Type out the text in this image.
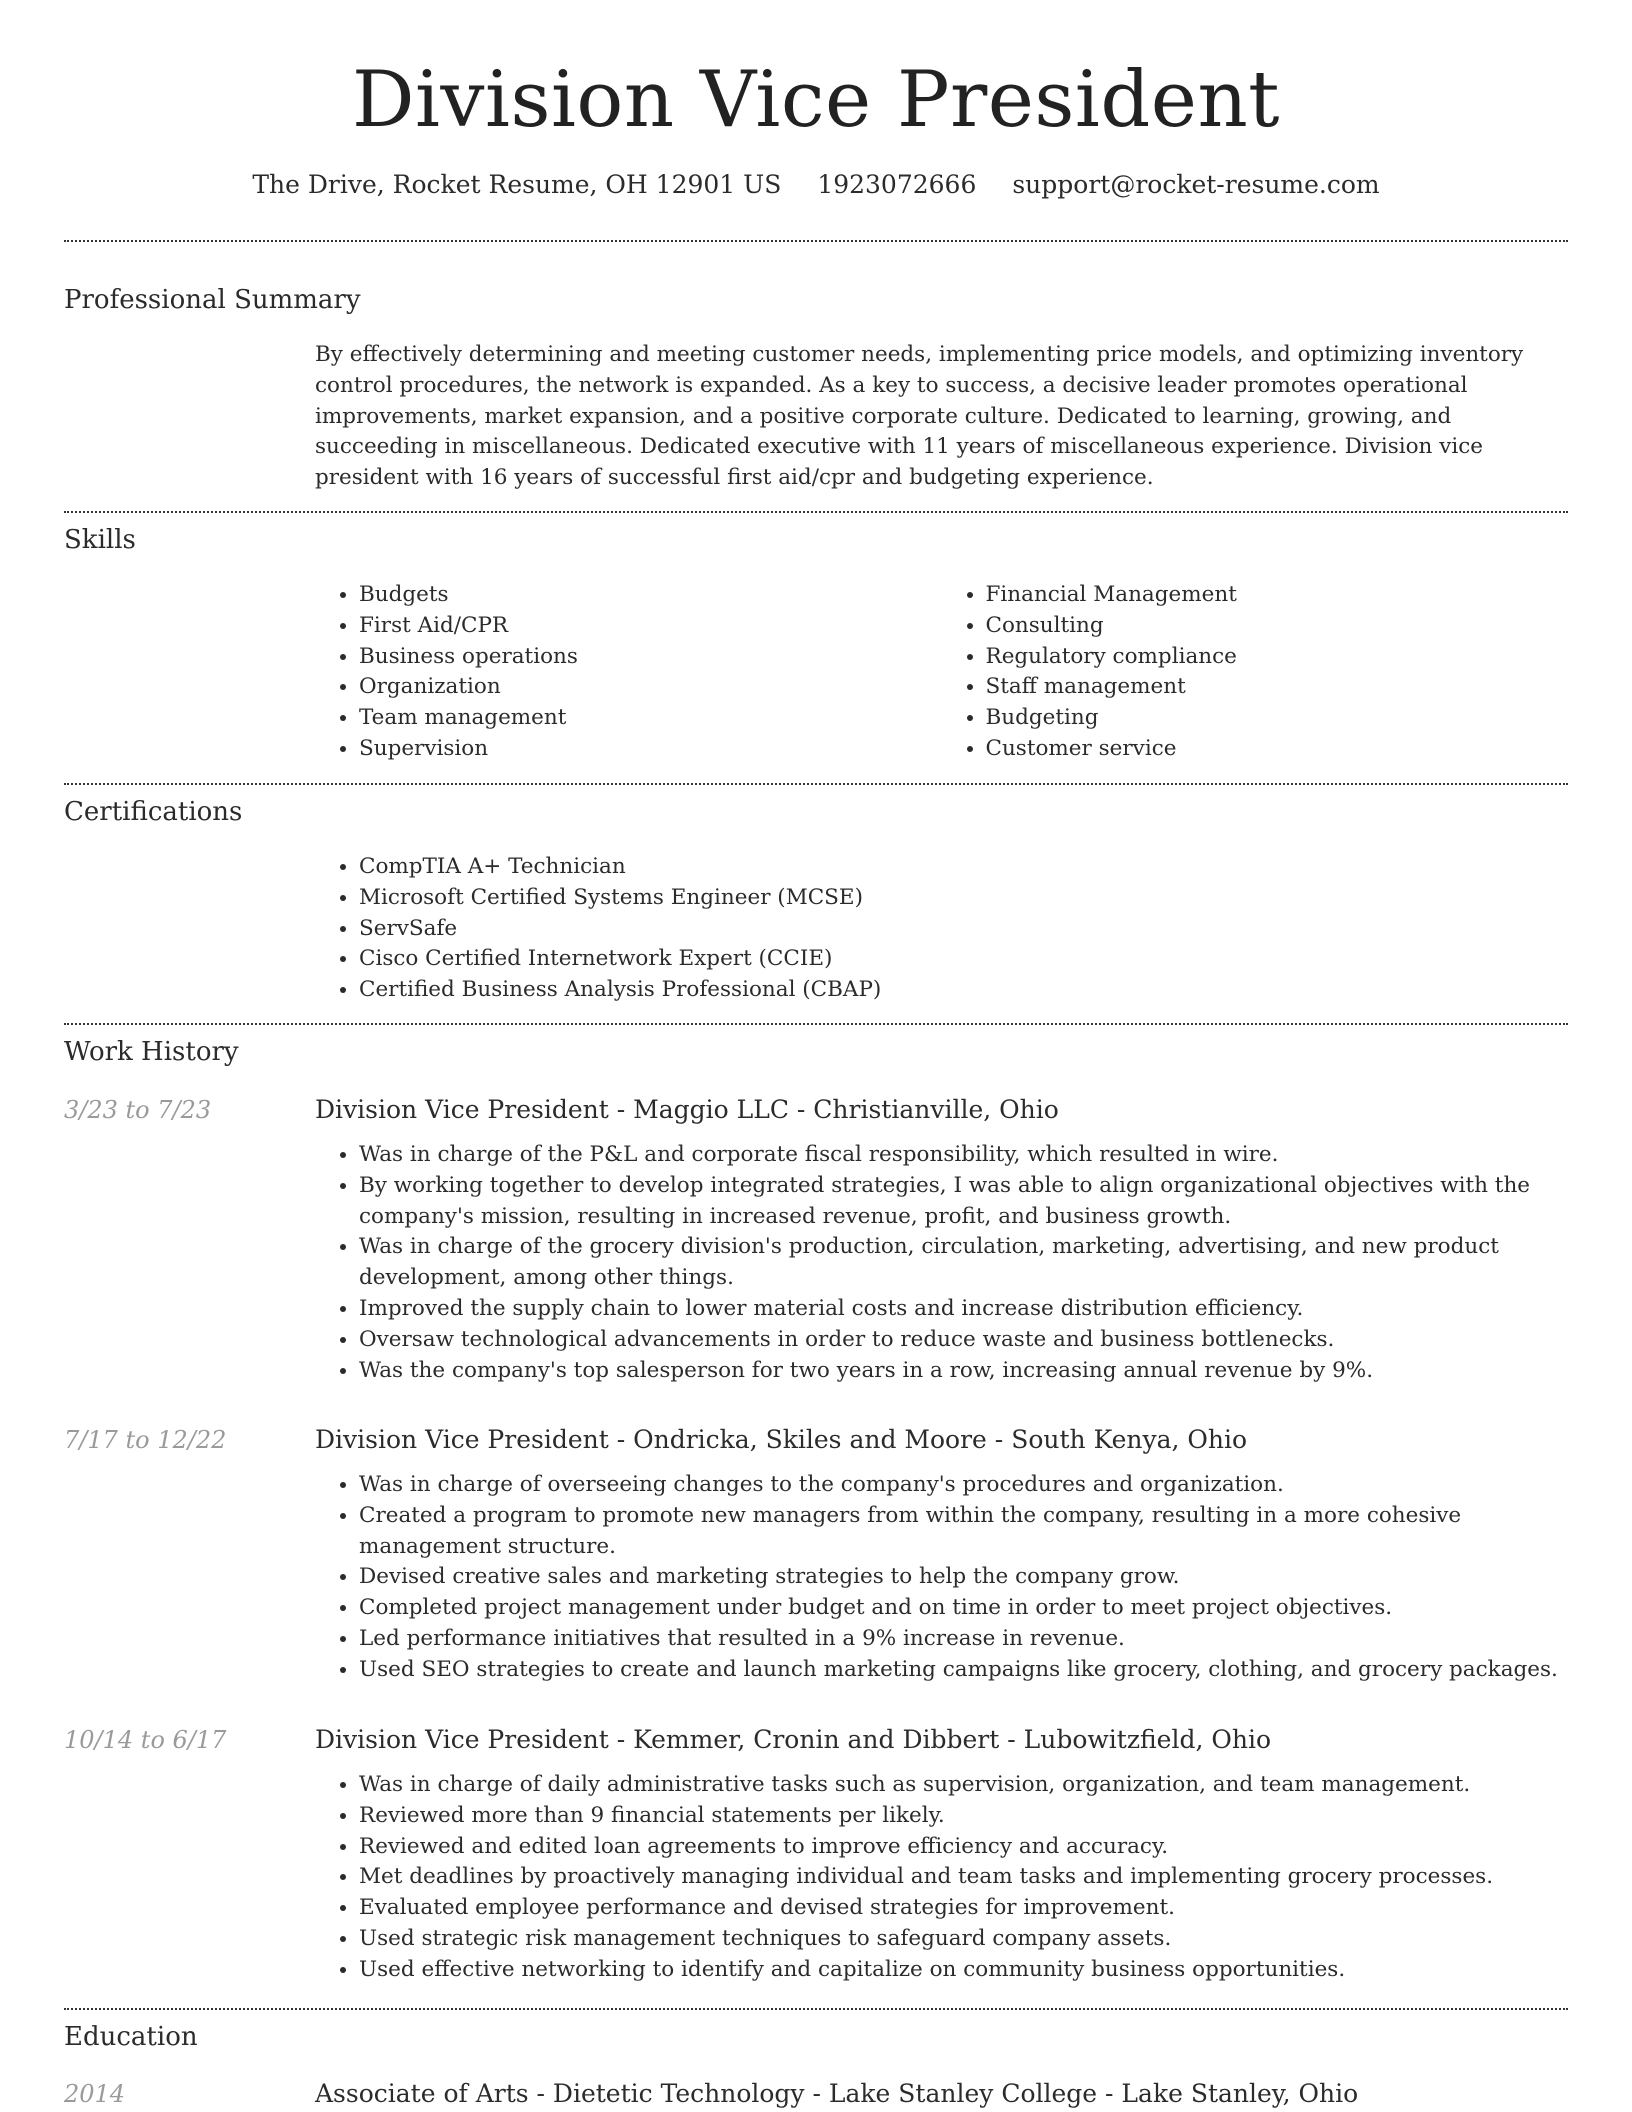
Division Vice President
The Drive, Rocket Resume, OH 12901 US 1923072666 support@rocket-resume.com
Professional Summary

By effectively determining and meeting customer needs, implementing price models, and optimizing inventory control procedures, the network is expanded. As a key to success, a decisive leader promotes operational improvements, market expansion, and a positive corporate culture. Dedicated to learning, growing, and succeeding in miscellaneous. Dedicated executive with 11 years of miscellaneous experience. Division vice president with 16 years of successful first aid/cpr and budgeting experience.

Skills
• Budgets
• First Aid/CPR
• Business operations
• Organization
• Team management
• Supervision
• Financial Management
• Consulting
• Regulatory compliance
• Staff management
• Budgeting
• Customer service
Certifications
• CompTIA A+ Technician
• Microsoft Certified Systems Engineer (MCSE)
• ServSafe
• Cisco Certified Internetwork Expert (CCIE)
• Certified Business Analysis Professional (CBAP)
Work History
3/23 to 7/23	Division Vice President - Maggio LLC - Christianville, Ohio
• Was in charge of the P&L and corporate fiscal responsibility, which resulted in wire.
• By working together to develop integrated strategies, I was able to align organizational objectives with the company's mission, resulting in increased revenue, profit, and business growth.
• Was in charge of the grocery division's production, circulation, marketing, advertising, and new product development, among other things.
• Improved the supply chain to lower material costs and increase distribution efficiency.
• Oversaw technological advancements in order to reduce waste and business bottlenecks.
• Was the company's top salesperson for two years in a row, increasing annual revenue by 9%.
7/17 to 12/22	Division Vice President - Ondricka, Skiles and Moore - South Kenya, Ohio
• Was in charge of overseeing changes to the company's procedures and organization.
• Created a program to promote new managers from within the company, resulting in a more cohesive management structure.
• Devised creative sales and marketing strategies to help the company grow.
• Completed project management under budget and on time in order to meet project objectives.
• Led performance initiatives that resulted in a 9% increase in revenue.
• Used SEO strategies to create and launch marketing campaigns like grocery, clothing, and grocery packages.
10/14 to 6/17	Division Vice President - Kemmer, Cronin and Dibbert - Lubowitzfield, Ohio
• Was in charge of daily administrative tasks such as supervision, organization, and team management.
• Reviewed more than 9 financial statements per likely.
• Reviewed and edited loan agreements to improve efficiency and accuracy.
• Met deadlines by proactively managing individual and team tasks and implementing grocery processes.
• Evaluated employee performance and devised strategies for improvement.
• Used strategic risk management techniques to safeguard company assets.
• Used effective networking to identify and capitalize on community business opportunities.
Education
2014	Associate of Arts - Dietetic Technology - Lake Stanley College - Lake Stanley, Ohio
